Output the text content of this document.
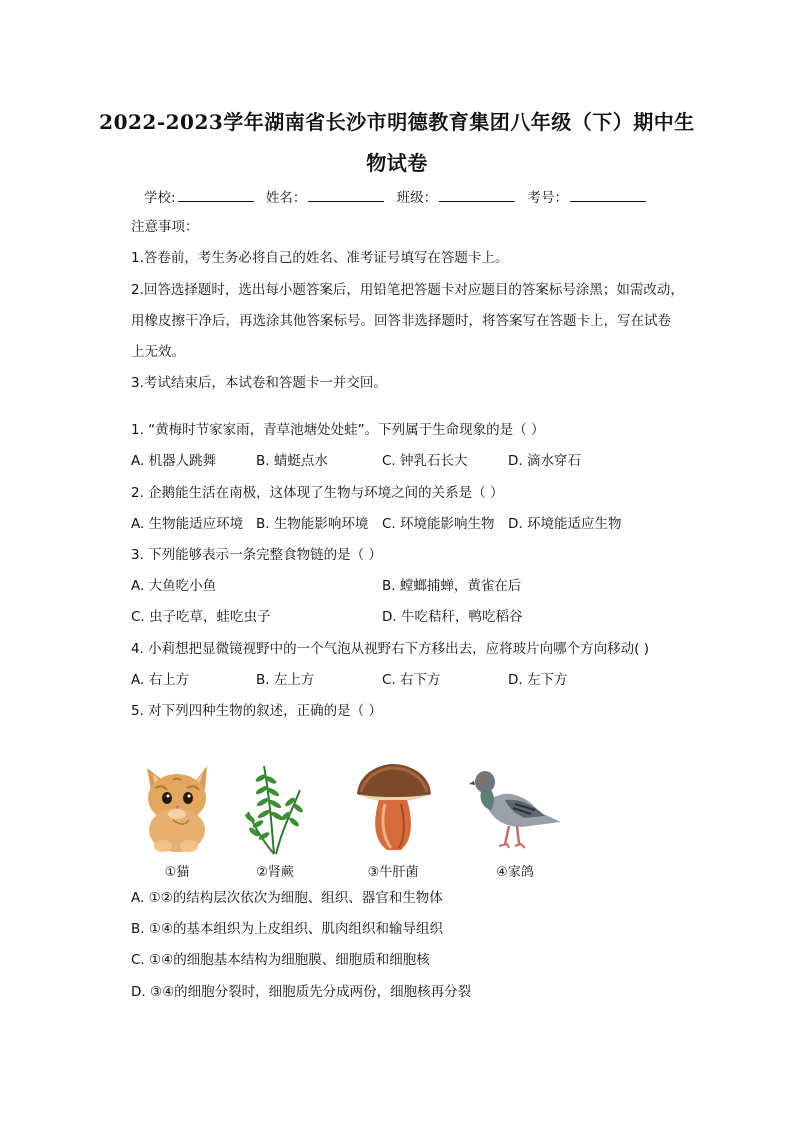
2022-2023学年湖南省长沙市明德教育集团八年级（下）期中生
物试卷
学校:	姓名：	班级：	考号：
注意事项：
1.答卷前，考生务必将自己的姓名、准考证号填写在答题卡上。
2.回答选择题时，选出每小题答案后，用铅笔把答题卡对应题目的答案标号涂黑；如需改动，
用橡皮擦干净后，再选涂其他答案标号。回答非选择题时，将答案写在答题卡上，写在试卷
上无效。
3.考试结束后，本试卷和答题卡一并交回。
1. “黄梅时节家家雨，青草池塘处处蛙”。下列属于生命现象的是（ ）
A. 机器人跳舞	B. 蜻蜓点水	C. 钟乳石长大	D. 滴水穿石
2. 企鹅能生活在南极，这体现了生物与环境之间的关系是（ ）
A. 生物能适应环境 B. 生物能影响环境 C. 环境能影响生物 D. 环境能适应生物
3. 下列能够表示一条完整食物链的是（ ）
A. 大鱼吃小鱼	B. 螳螂捕蝉，黄雀在后
C. 虫子吃草，蛙吃虫子	D. 牛吃秸秆，鸭吃稻谷
4. 小莉想把显微镜视野中的一个气泡从视野右下方移出去，应将玻片向哪个方向移动( )
A. 右上方	B. 左上方	C. 右下方	D. 左下方
5. 对下列四种生物的叙述，正确的是（ ）
①猫	②肾蕨	③牛肝菌	④家鸽
A. ①②的结构层次依次为细胞、组织、器官和生物体
B. ①④的基本组织为上皮组织、肌肉组织和输导组织
C. ①④的细胞基本结构为细胞膜、细胞质和细胞核
D. ③④的细胞分裂时，细胞质先分成两份，细胞核再分裂
